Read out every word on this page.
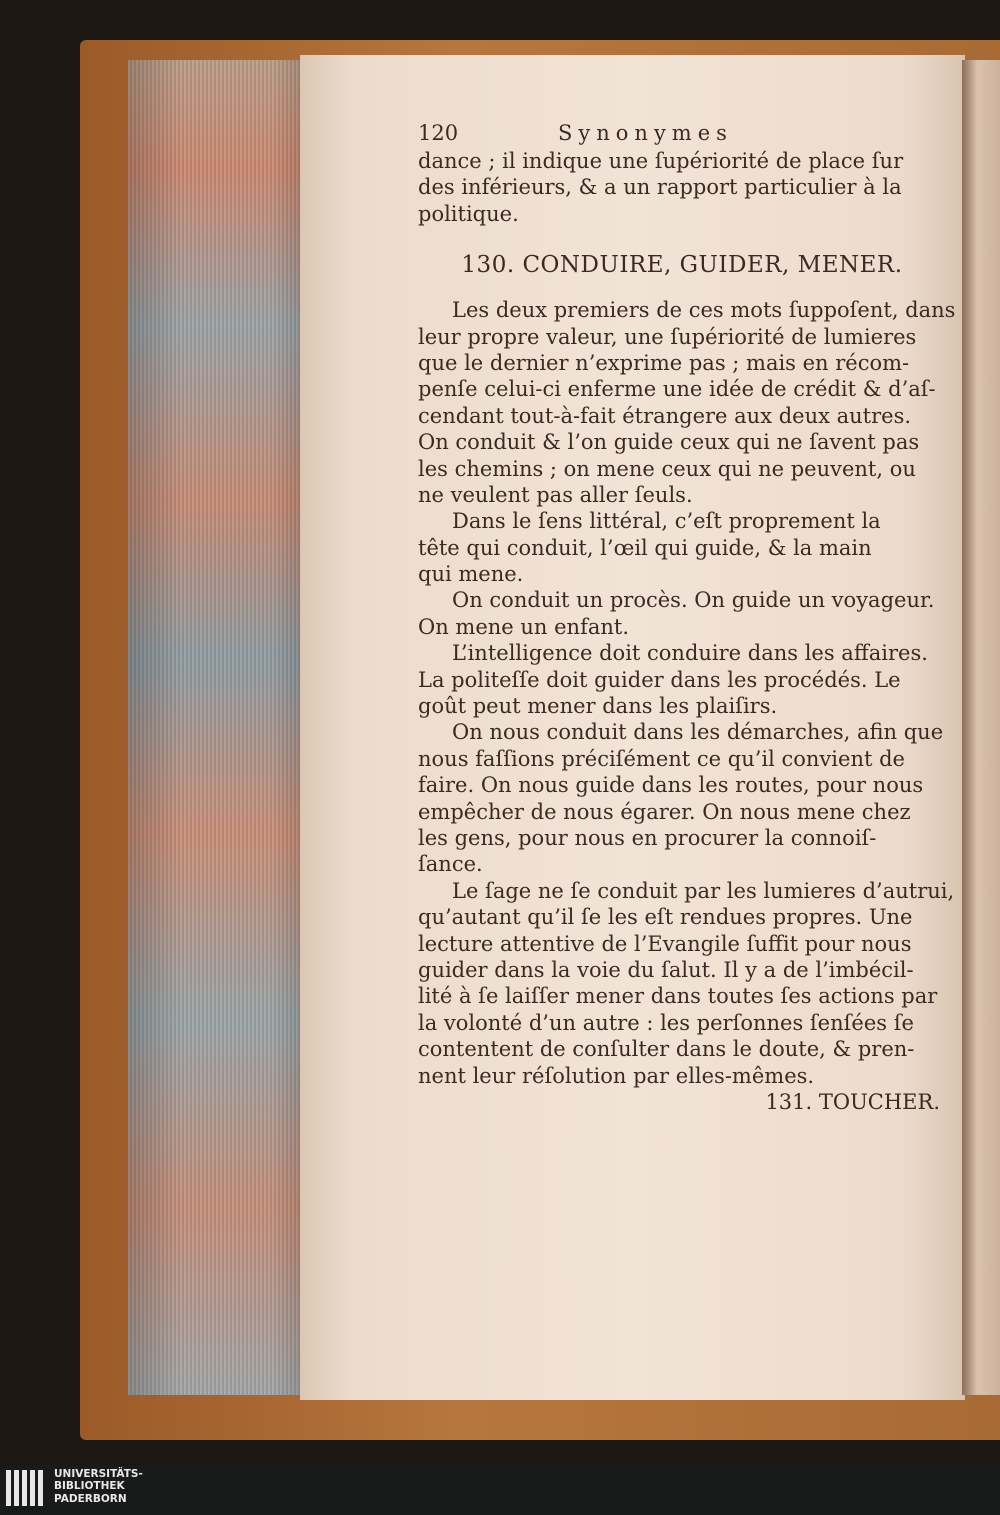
120	Synonymes
dance ; il indique une ſupériorité de place ſur
des inférieurs, & a un rapport particulier à la
politique.
130. CONDUIRE, GUIDER, MENER.
Les deux premiers de ces mots ſuppoſent, dans
leur propre valeur, une ſupériorité de lumieres
que le dernier n’exprime pas ; mais en récom-
penſe celui-ci enferme une idée de crédit & d’aſ-
cendant tout-à-fait étrangere aux deux autres.
On conduit & l’on guide ceux qui ne ſavent pas
les chemins ; on mene ceux qui ne peuvent, ou
ne veulent pas aller ſeuls.
Dans le ſens littéral, c’eſt proprement la
tête qui conduit, l’œil qui guide, & la main
qui mene.
On conduit un procès. On guide un voyageur.
On mene un enfant.
L’intelligence doit conduire dans les affaires.
La politeſſe doit guider dans les procédés. Le
goût peut mener dans les plaiſirs.
On nous conduit dans les démarches, afin que
nous faſſions préciſément ce qu’il convient de
faire. On nous guide dans les routes, pour nous
empêcher de nous égarer. On nous mene chez
les gens, pour nous en procurer la connoiſ-
ſance.
Le ſage ne ſe conduit par les lumieres d’autrui,
qu’autant qu’il ſe les eſt rendues propres. Une
lecture attentive de l’Evangile ſuffit pour nous
guider dans la voie du ſalut. Il y a de l’imbécil-
lité à ſe laiſſer mener dans toutes ſes actions par
la volonté d’un autre : les perſonnes ſenſées ſe
contentent de conſulter dans le doute, & pren-
nent leur réſolution par elles-mêmes.
131. TOUCHER.
UNIVERSITÄTS-
BIBLIOTHEK
PADERBORN
